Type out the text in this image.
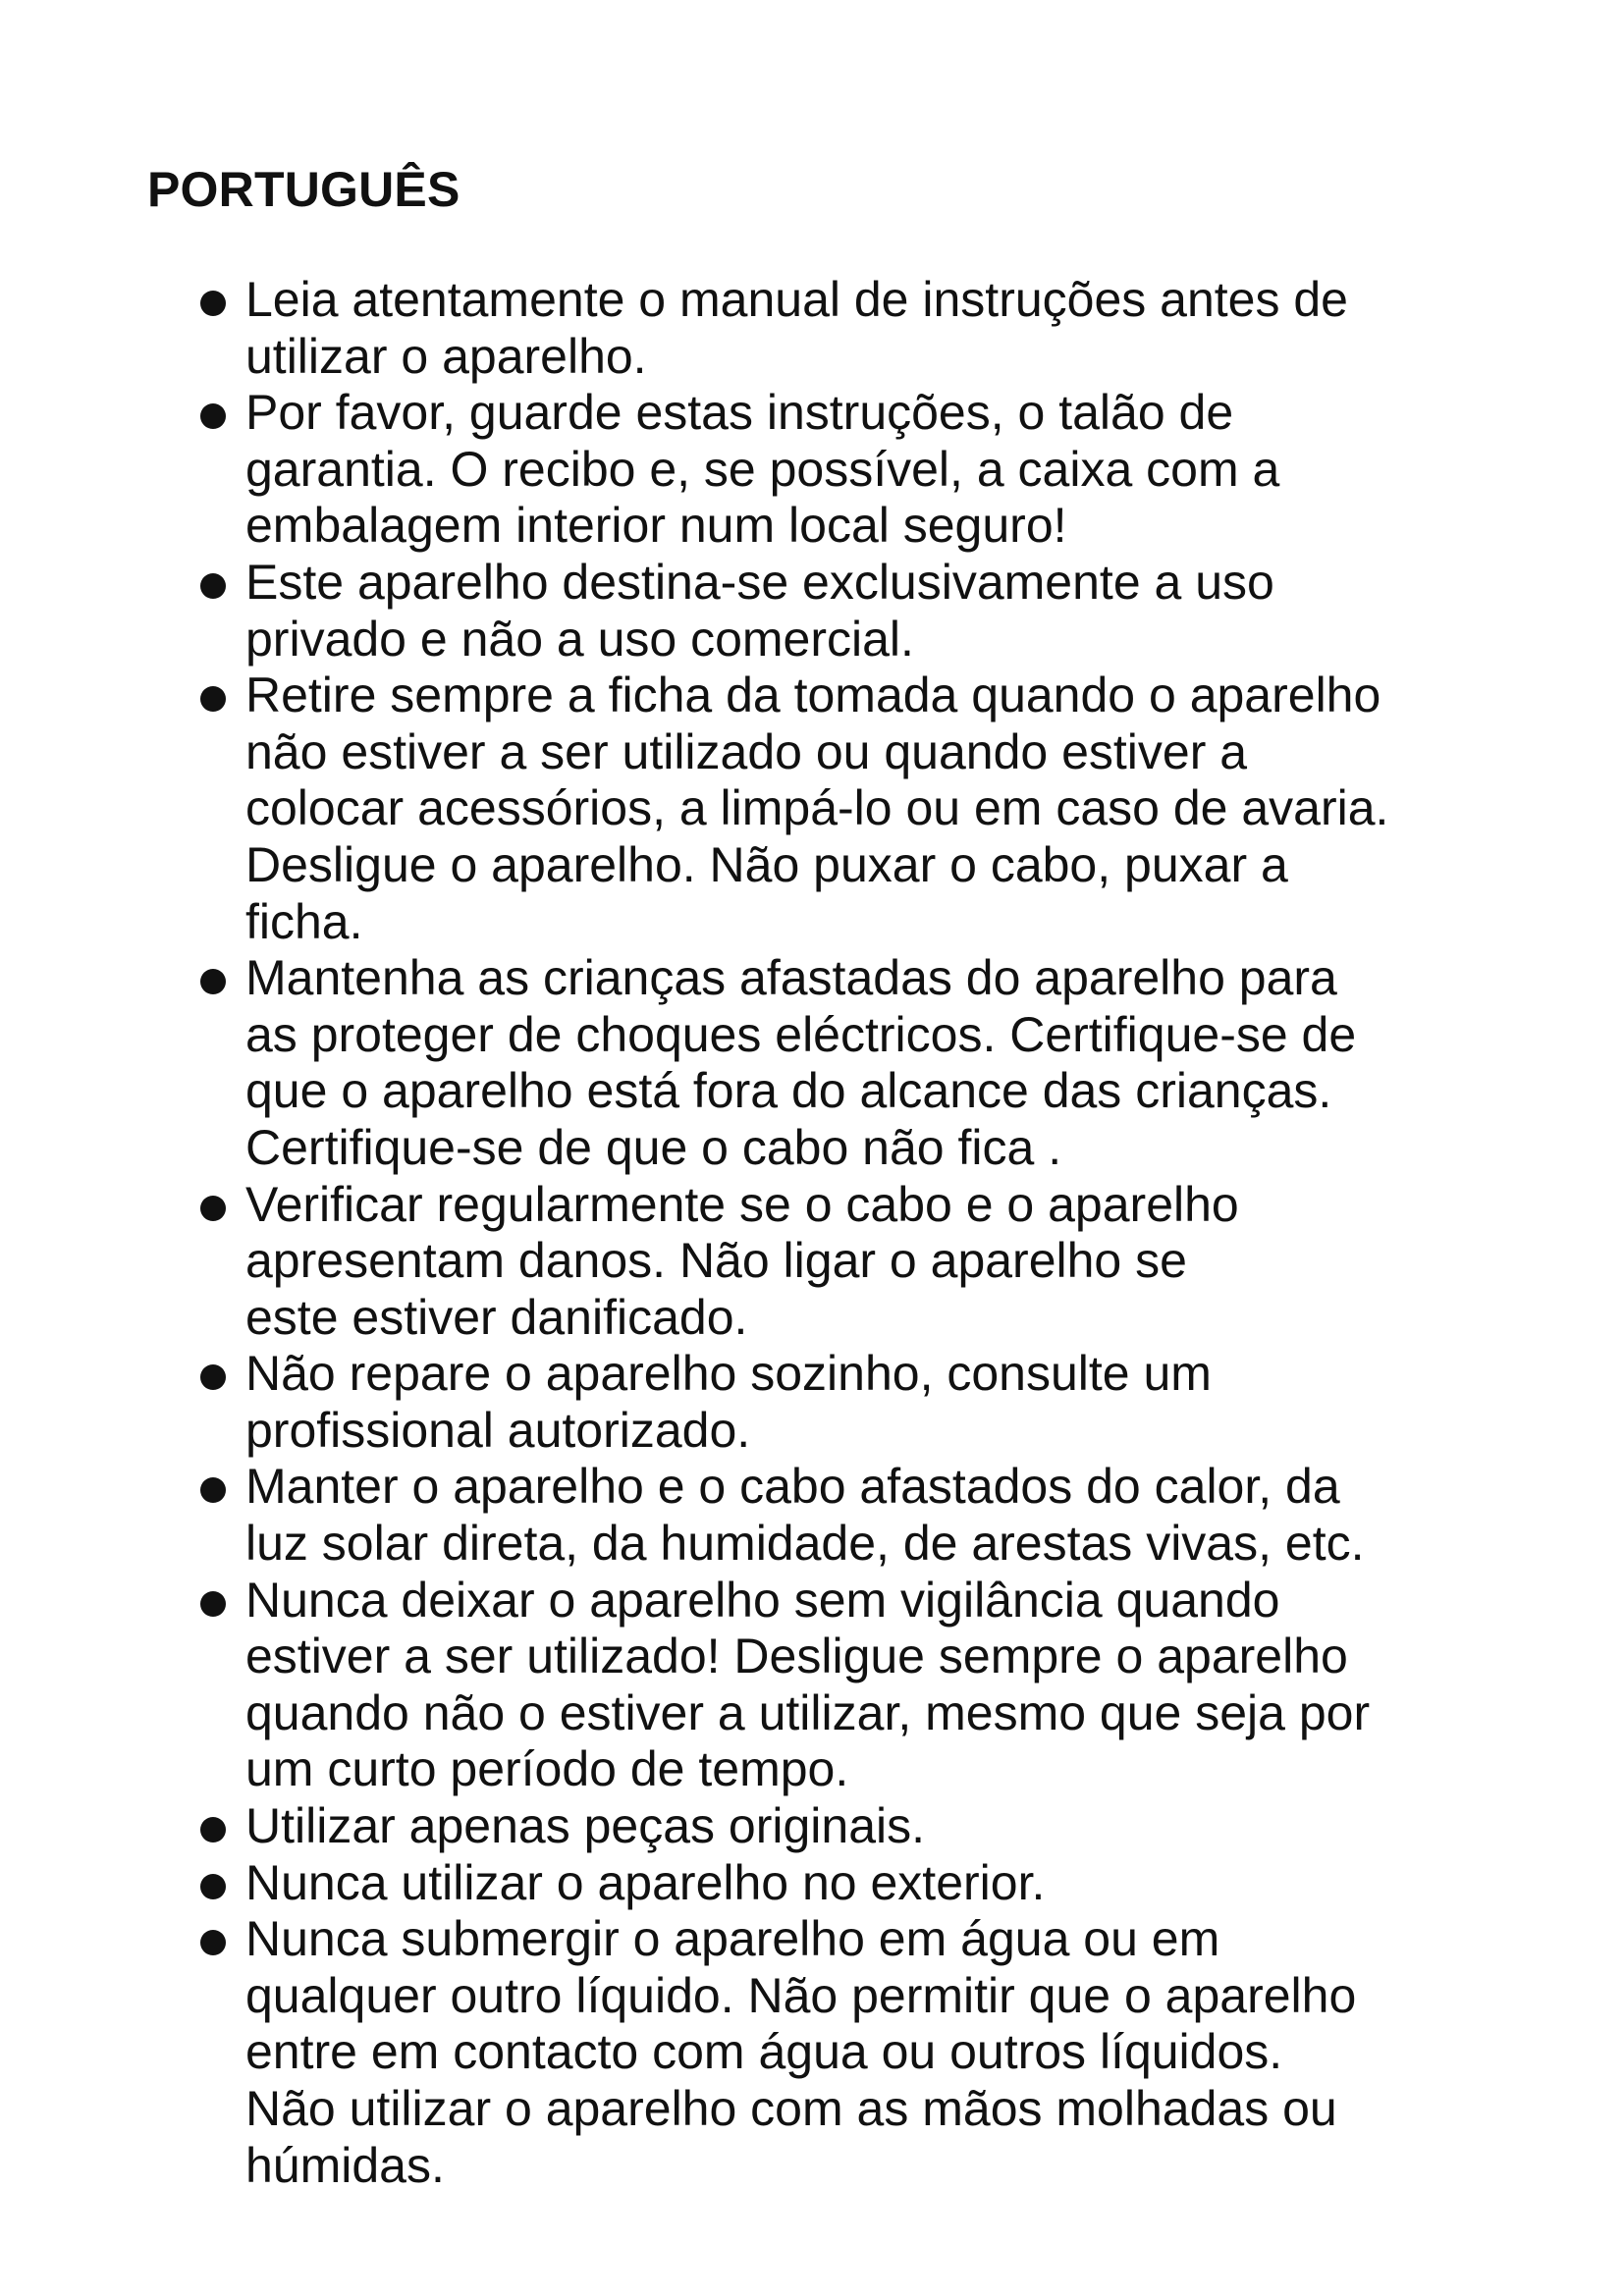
PORTUGUÊS
Leia atentamente o manual de instruções antes de
utilizar o aparelho.
Por favor, guarde estas instruções, o talão de
garantia. O recibo e, se possível, a caixa com a
embalagem interior num local seguro!
Este aparelho destina-se exclusivamente a uso
privado e não a uso comercial.
Retire sempre a ficha da tomada quando o aparelho
não estiver a ser utilizado ou quando estiver a
colocar acessórios, a limpá-lo ou em caso de avaria.
Desligue o aparelho. Não puxar o cabo, puxar a
ficha.
Mantenha as crianças afastadas do aparelho para
as proteger de choques eléctricos. Certifique-se de
que o aparelho está fora do alcance das crianças.
Certifique-se de que o cabo não fica .
Verificar regularmente se o cabo e o aparelho
apresentam danos. Não ligar o aparelho se
este estiver danificado.
Não repare o aparelho sozinho, consulte um
profissional autorizado.
Manter o aparelho e o cabo afastados do calor, da
luz solar direta, da humidade, de arestas vivas, etc.
Nunca deixar o aparelho sem vigilância quando
estiver a ser utilizado! Desligue sempre o aparelho
quando não o estiver a utilizar, mesmo que seja por
um curto período de tempo.
Utilizar apenas peças originais.
Nunca utilizar o aparelho no exterior.
Nunca submergir o aparelho em água ou em
qualquer outro líquido. Não permitir que o aparelho
entre em contacto com água ou outros líquidos.
Não utilizar o aparelho com as mãos molhadas ou
húmidas.
